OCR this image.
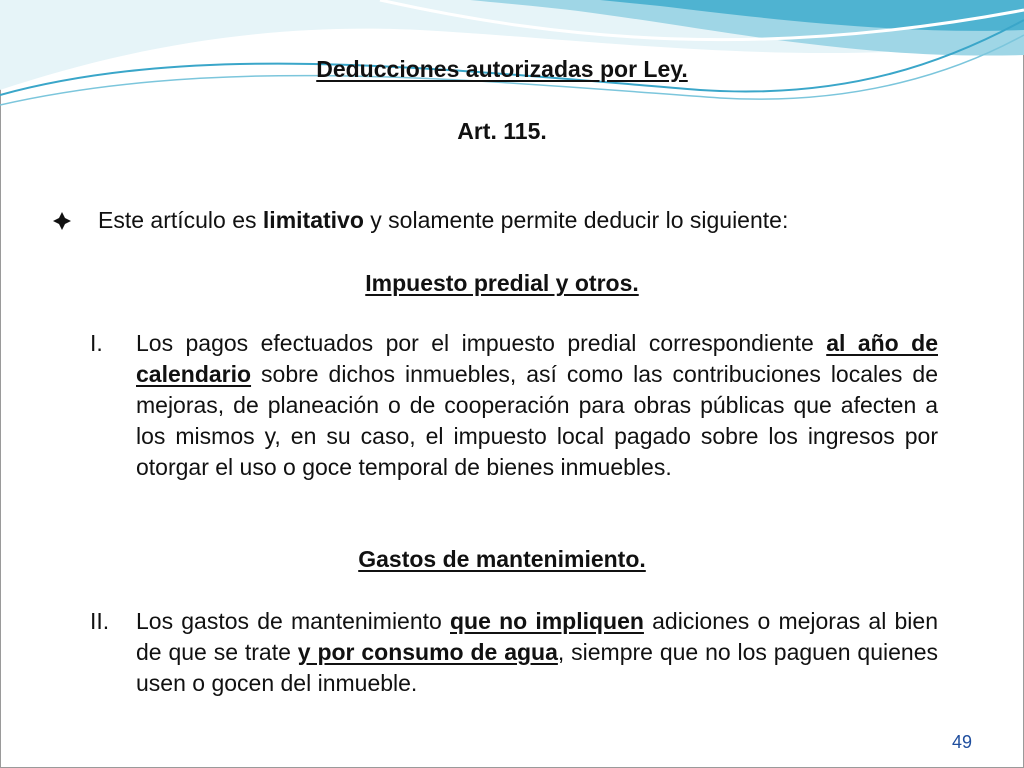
Deducciones autorizadas por Ley.
Art. 115.
Este artículo es limitativo y solamente permite deducir lo siguiente:
Impuesto predial y otros.
I. Los pagos efectuados por el impuesto predial correspondiente al año de calendario sobre dichos inmuebles, así como las contribuciones locales de mejoras, de planeación o de cooperación para obras públicas que afecten a los mismos y, en su caso, el impuesto local pagado sobre los ingresos por otorgar el uso o goce temporal de bienes inmuebles.
Gastos de mantenimiento.
II. Los gastos de mantenimiento que no impliquen adiciones o mejoras al bien de que se trate y por consumo de agua, siempre que no los paguen quienes usen o gocen del inmueble.
49
